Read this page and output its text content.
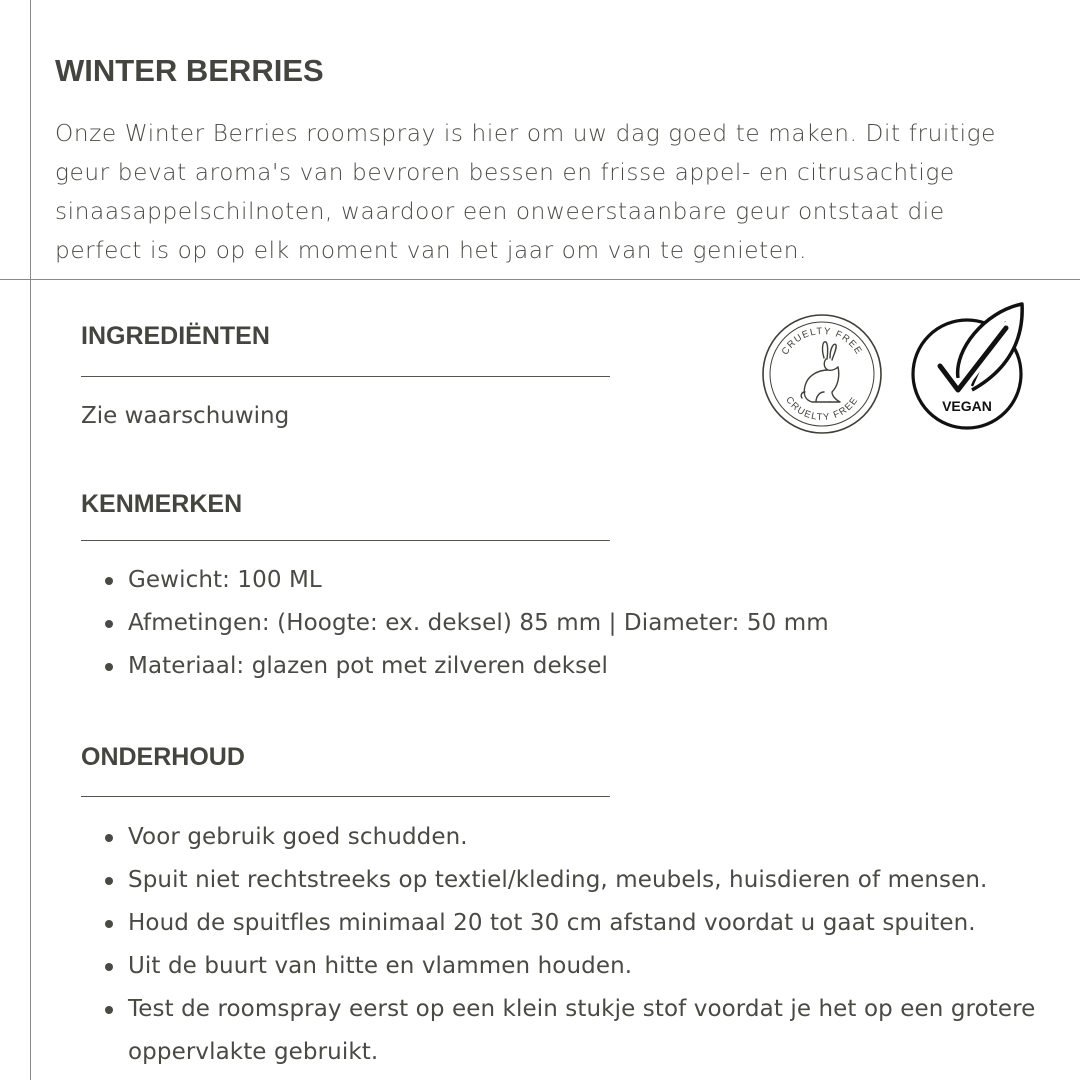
WINTER BERRIES

Onze Winter Berries roomspray is hier om uw dag goed te maken. Dit fruitige
geur bevat aroma's van bevroren bessen en frisse appel- en citrusachtige
sinaasappelschilnoten, waardoor een onweerstaanbare geur ontstaat die
perfect is op op elk moment van het jaar om van te genieten.

INGREDIËNTEN

Zie waarschuwing

KENMERKEN
Gewicht: 100 ML
Afmetingen: (Hoogte: ex. deksel) 85 mm | Diameter: 50 mm
Materiaal: glazen pot met zilveren deksel
ONDERHOUD
Voor gebruik goed schudden.
Spuit niet rechtstreeks op textiel/kleding, meubels, huisdieren of mensen.
Houd de spuitfles minimaal 20 tot 30 cm afstand voordat u gaat spuiten.
Uit de buurt van hitte en vlammen houden.
Test de roomspray eerst op een klein stukje stof voordat je het op een grotere
oppervlakte gebruikt.
CRUELTY FREE
CRUELTY FREE	VEGAN
